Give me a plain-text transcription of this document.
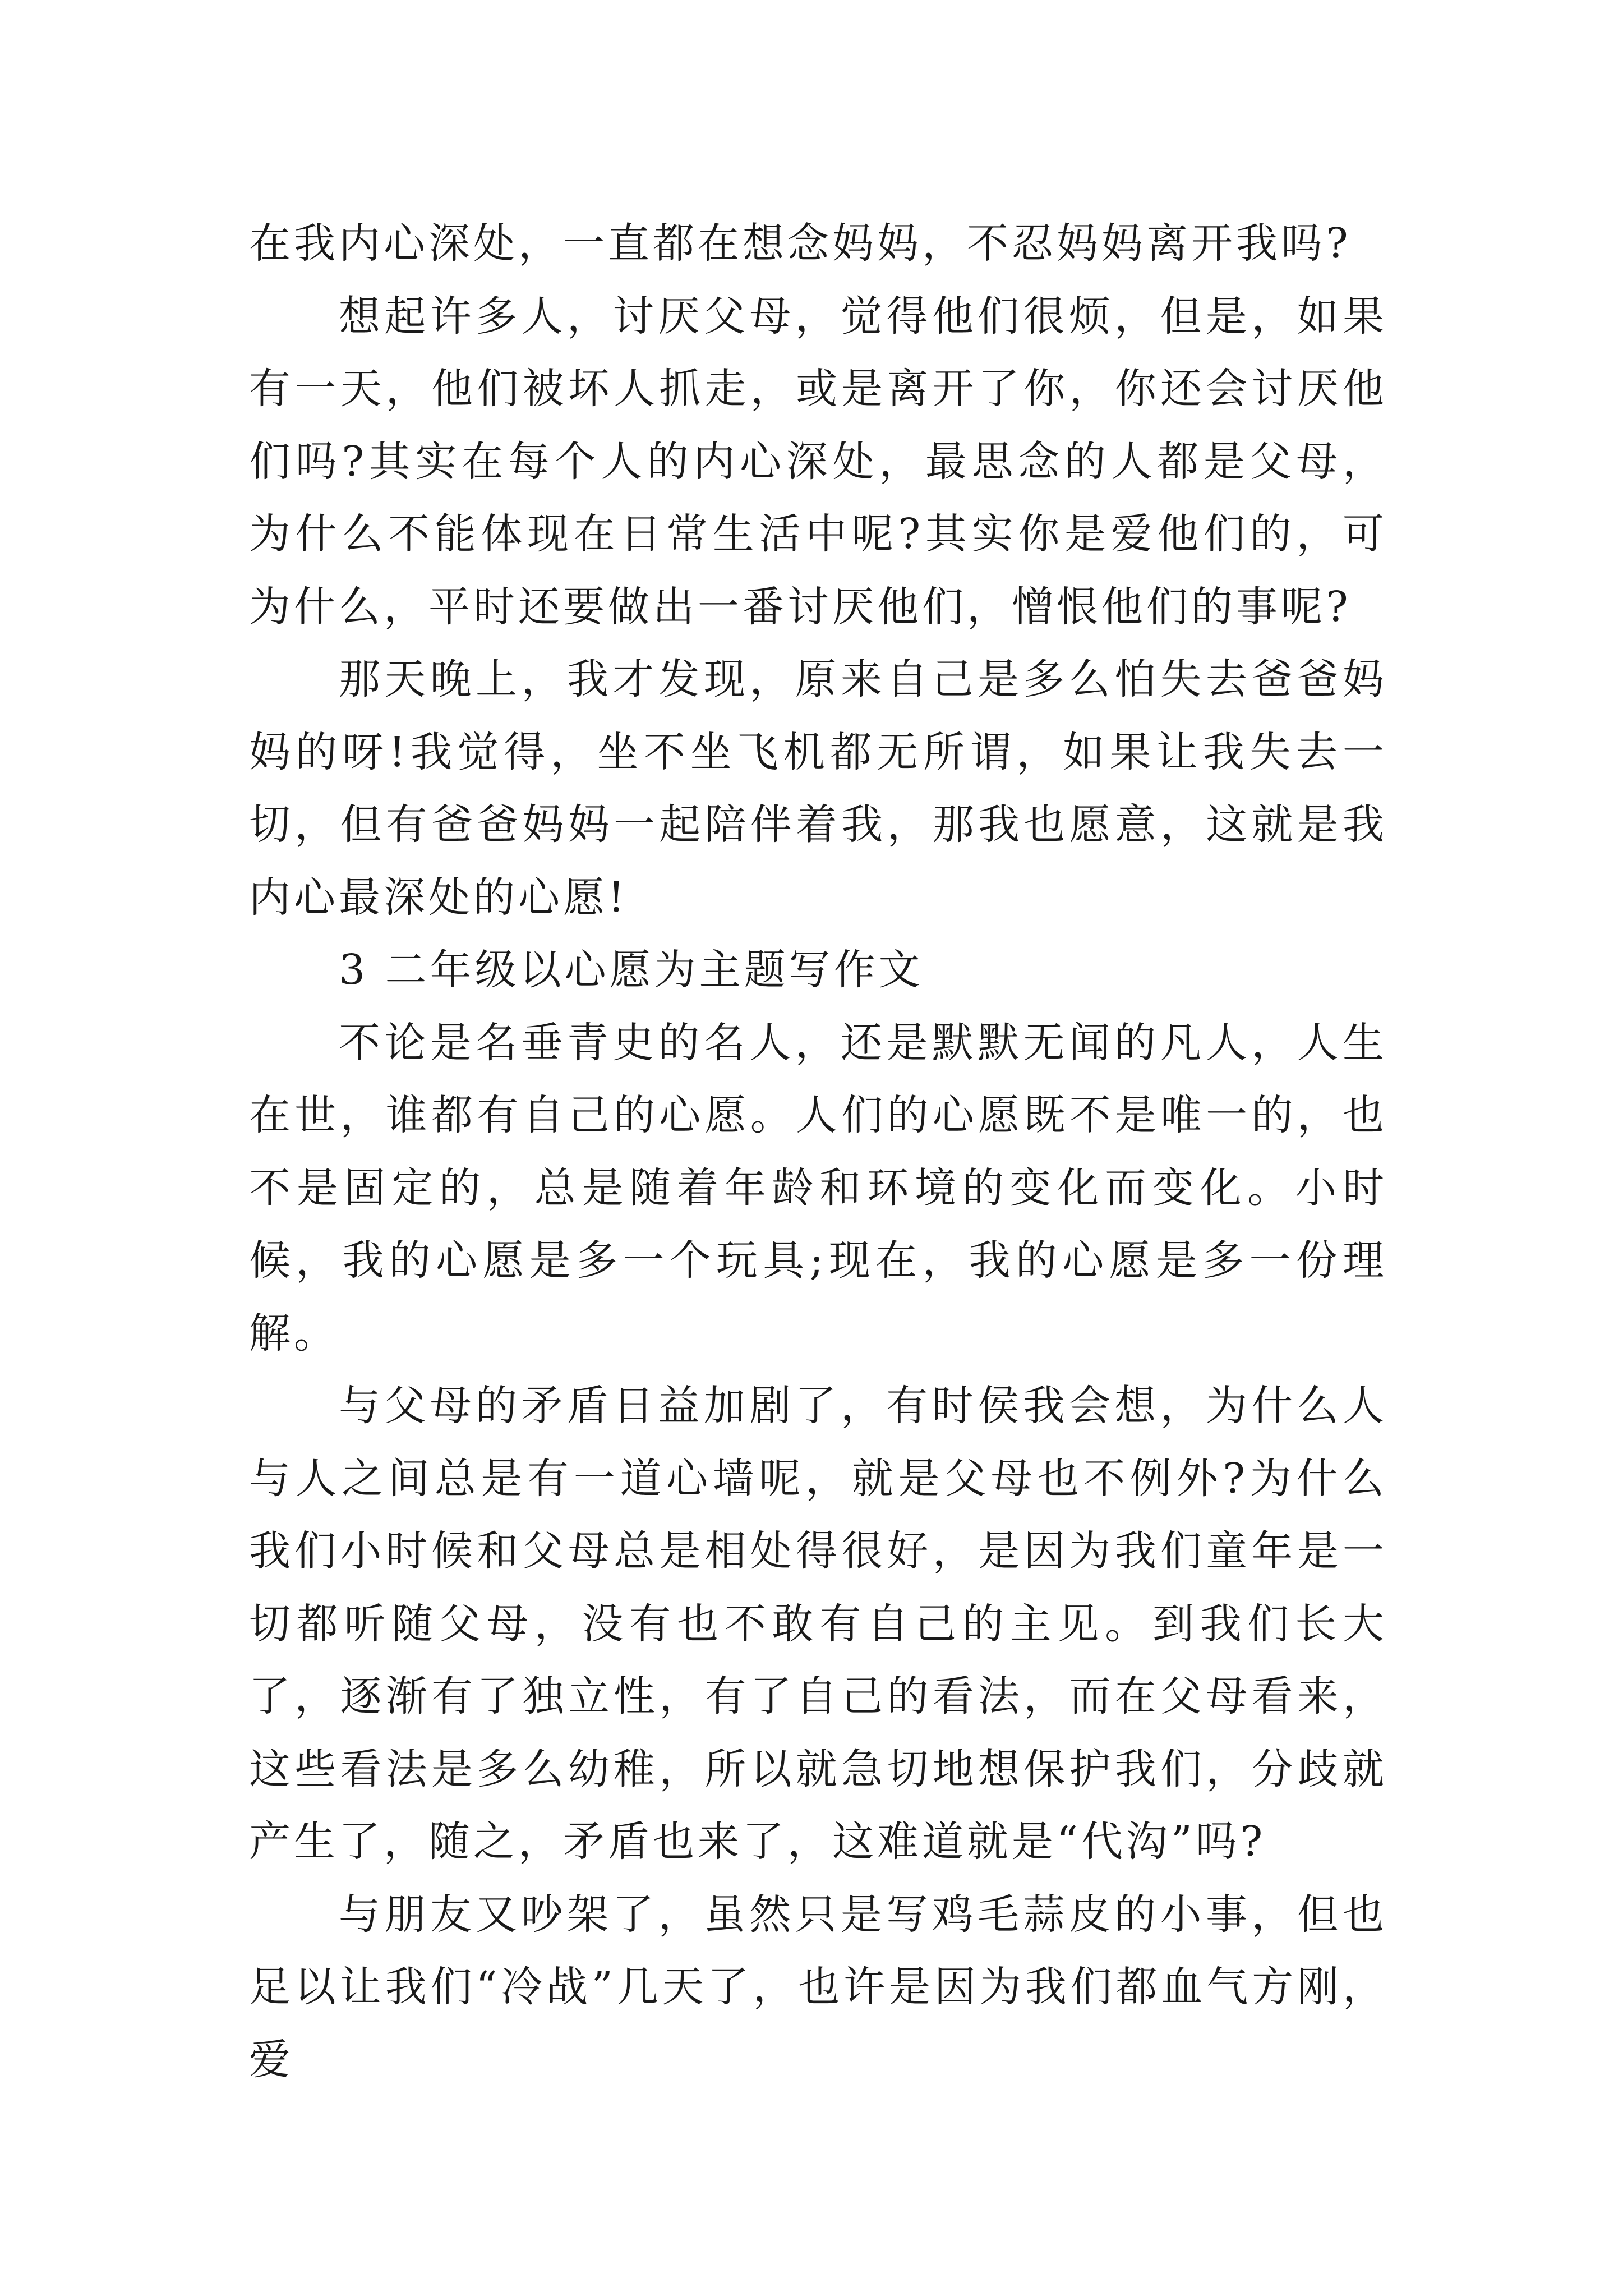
在我内心深处，一直都在想念妈妈，不忍妈妈离开我吗?

想起许多人，讨厌父母，觉得他们很烦，但是，如果有一天，他们被坏人抓走，或是离开了你，你还会讨厌他们吗?其实在每个人的内心深处，最思念的人都是父母，为什么不能体现在日常生活中呢?其实你是爱他们的，可为什么，平时还要做出一番讨厌他们，憎恨他们的事呢?

那天晚上，我才发现，原来自己是多么怕失去爸爸妈妈的呀!我觉得，坐不坐飞机都无所谓，如果让我失去一切，但有爸爸妈妈一起陪伴着我，那我也愿意，这就是我内心最深处的心愿!

3 二年级以心愿为主题写作文

不论是名垂青史的名人，还是默默无闻的凡人，人生在世，谁都有自己的心愿。人们的心愿既不是唯一的，也不是固定的，总是随着年龄和环境的变化而变化。小时候，我的心愿是多一个玩具;现在，我的心愿是多一份理解。

与父母的矛盾日益加剧了，有时侯我会想，为什么人与人之间总是有一道心墙呢，就是父母也不例外?为什么我们小时候和父母总是相处得很好，是因为我们童年是一切都听随父母，没有也不敢有自己的主见。到我们长大了，逐渐有了独立性，有了自己的看法，而在父母看来，这些看法是多么幼稚，所以就急切地想保护我们，分歧就产生了，随之，矛盾也来了，这难道就是“代沟”吗?

与朋友又吵架了，虽然只是写鸡毛蒜皮的小事，但也足以让我们“冷战”几天了，也许是因为我们都血气方刚，爱
